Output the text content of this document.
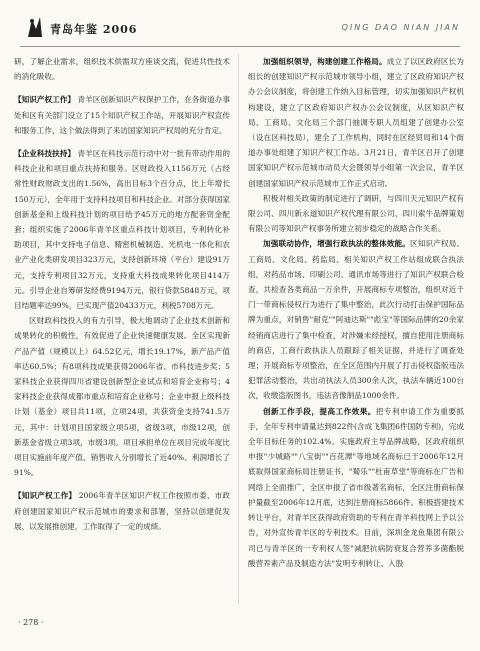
青岛年鉴 2006	QING DAO NIAN JIAN

研，了解企业需求，组织技术供需双方座谈交流，促进共性技术的消化吸收。

【知识产权工作】 青羊区创新知识产权保护工作，在各街道办事处和区有关部门设立了15个知识产权工作站，开展知识产权宣传和服务工作，这个做法得到了来访国家知识产权局的充分肯定。

【企业科技扶持】 青羊区在科技示范行动中对一批有带动作用的科技企业和项目重点扶持和服务。区财政投入1156万元（占经常性财政财政支出的1.56%，高出目标3个百分点，比上年增长150万元），全年用于支持科技项目和科技企业。对部分获得国家创新基金和上级科技计划的项目给予45万元的地方配套资金配套；组织实施了2006年青羊区重点科技计划项目，专利转化补助项目，其中支持电子信息、精密机械制造、光机电一体化和农业产业化类研发项目323万元，支持创新环境（平台）建设91万元，支持专利项目32万元，支持重大科技成果转化项目414万元。引导企业自筹研发经费9194万元，银行贷款5848万元，项目结题率达99%，已实现产值20433万元，利税5708万元。

区财政科技投入的有力引导，极大地调动了企业技术创新和成果转化的积极性，有效促进了企业快速健康发展。全区实现新产品产值（规模以上）64.52亿元，增长19.17%，新产品产值率达60.5%；有8项科技成果获得2006年省、市科技进步奖；5家科技企业获得四川省建设创新型企业试点和培育企业称号；4家科技企业获得成都市重点和培育企业称号；企业申报上级科技计划（基金）项目共11项，立项24项，共获资金支持741.5万元，其中：计划项目国家级立项5项，省级3项，市级12项，创新基金省级立项3项，市级3项。项目承担单位在项目完成年度比项目实施前年度产值、销售收入分别增长了近40%、利润增长了91%。

【知识产权工作】 2006年青羊区知识产权工作按照市委、市政府创建国家知识产权示范城市的要求和部署，坚持以创建促发展，以发展推创建，工作取得了一定的成绩。

加强组织领导，构建创建工作格局。成立了以区政府区长为组长的创建知识产权示范城市领导小组，建立了区政府知识产权办公会议制度，将创建工作纳入目标管理，切实加强知识产权机构建设，建立了区政府知识产权办公会议制度，从区知识产权局、工商局、文化局三个部门抽调专职人员组建了创建办公室（设在区科技局），建全了工作机构，同时在区经贸局和14个街道办事处组建了知识产权工作站。3月21日，青羊区召开了创建国家知识产权示范城市动员大会暨领导小组第一次会议，青羊区创建国家知识产权示范城市工作正式启动。

积极对相关政策的制定进行了调研，与四川天元知识产权有限公司、四川新永道知识产权代理有限公司、四川索牛品牌策划有限公司等知识产权事务所建立初步稳定的战略合作关系。

加强联动协作，增强行政执法的整体效能。区知识产权局、工商局、文化局、药监局、相关知识产权工作站组成联合执法组，对药品市场、印刷公司、通讯市场等进行了知识产权联合检查，共检查各类商品一万余件，开展商标专项整治，组织对近千门一带商标侵权行为进行了集中整治，此次行动打击保护国际品牌为重点，对销售"耐克""阿迪达斯""彪宝"等国际品牌的20余家经销商店进行了集中检查，对涉嫌未经授权，擅自使用注册商标的商店，工商行政执法人员跟踪了相关证据，并进行了调查处理；开展商标专项整治，在全区范围内开展了打击侵权盗版违法犯罪活动整治，共出动执法人员300余人次，执法车辆近100台次，收缴盗版图书，违法音像制品1000余件。

创新工作手段，提高工作效果。把专利申请工作为重要抓手，全年专利申请量达到822件(含成飞集团6件国防专利)，完成全年目标任务的102.4%。实施政府主导品牌战略，区政府组织申报"少城路""八宝街""百花潭"等地域名商标已于2006年12月底取得国家商标局注册证书，"蜀乐""杜甫草堂"等商标在广告和网络上全面推广，全区申报了省市级著名商标，全区注册商标保护量截至2006年12月底，达到注册商标5866件。积极搭建技术转让平台，对青羊区获得政府资助的专利在青羊科技网上予以公告，对外宣传青羊区的专利技术。目前，深圳金龙鱼集团有限公司已与青羊区的一专利权人签"减肥抗病防衰复合营养多菌酯脱酸营养素产品及制造方法"发明专利转让、入股

· 278 ·
